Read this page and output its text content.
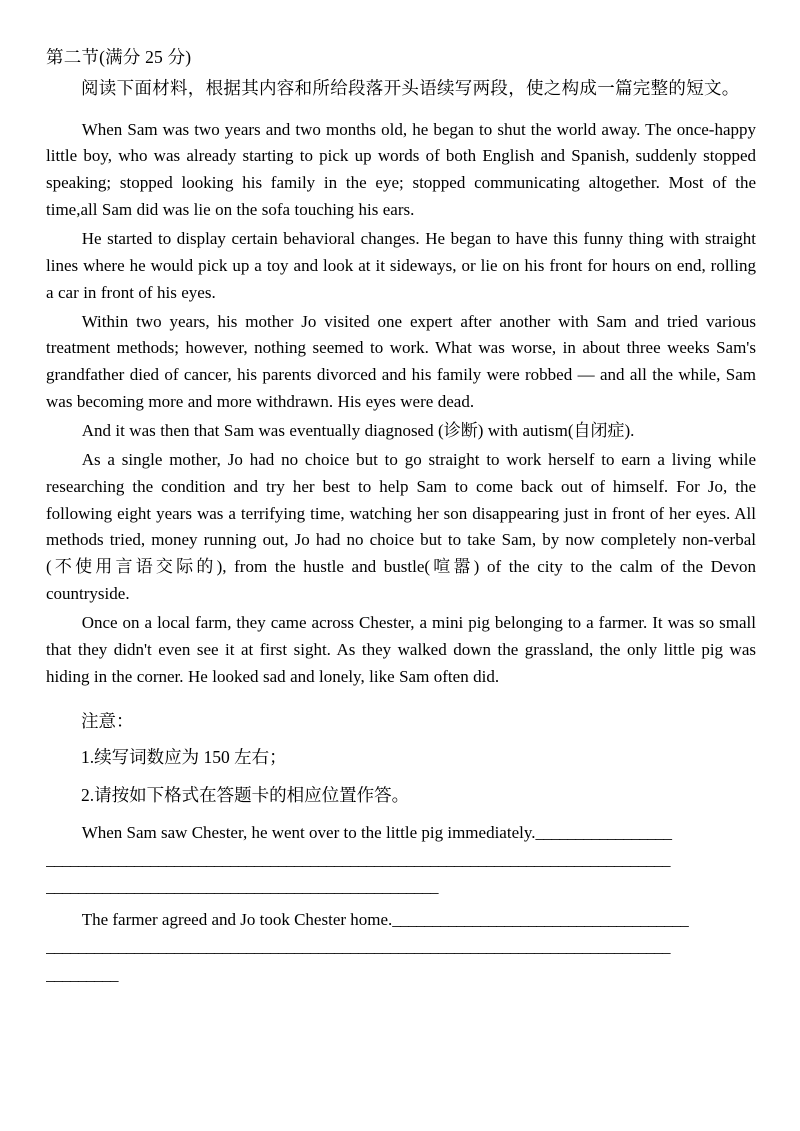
第二节(满分 25 分)
阅读下面材料，根据其内容和所给段落开头语续写两段，使之构成一篇完整的短文。

When Sam was two years and two months old, he began to shut the world away. The once-happy little boy, who was already starting to pick up words of both English and Spanish, suddenly stopped speaking; stopped looking his family in the eye; stopped communicating altogether. Most of the time,all Sam did was lie on the sofa touching his ears.

He started to display certain behavioral changes. He began to have this funny thing with straight lines where he would pick up a toy and look at it sideways, or lie on his front for hours on end, rolling a car in front of his eyes.

Within two years, his mother Jo visited one expert after another with Sam and tried various treatment methods; however, nothing seemed to work. What was worse, in about three weeks Sam's grandfather died of cancer, his parents divorced and his family were robbed — and all the while, Sam was becoming more and more withdrawn. His eyes were dead.

And it was then that Sam was eventually diagnosed (诊断) with autism(自闭症).

As a single mother, Jo had no choice but to go straight to work herself to earn a living while researching the condition and try her best to help Sam to come back out of himself. For Jo, the following eight years was a terrifying time, watching her son disappearing just in front of her eyes. All methods tried, money running out, Jo had no choice but to take Sam, by now completely non-verbal (不使用言语交际的), from the hustle and bustle(喧嚣) of the city to the calm of the Devon countryside.

Once on a local farm, they came across Chester, a mini pig belonging to a farmer. It was so small that they didn't even see it at first sight. As they walked down the grassland, the only little pig was hiding in the corner. He looked sad and lonely, like Sam often did.

注意：
1.续写词数应为 150 左右；
2.请按如下格式在答题卡的相应位置作答。

When Sam saw Chester, he went over to the little pig immediately._________________

______________________________________________________________________________
_________________________________________________

The farmer agreed and Jo took Chester home._____________________________________

______________________________________________________________________________
_________
